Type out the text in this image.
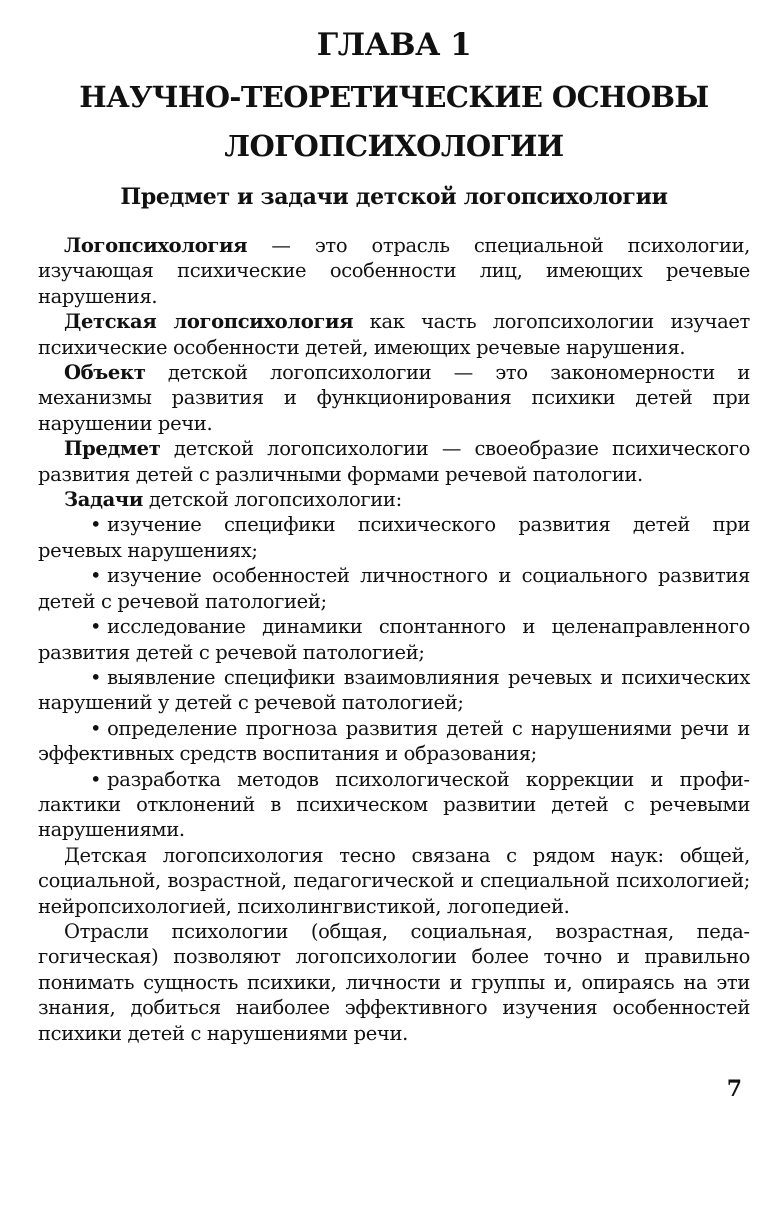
ГЛАВА 1
НАУЧНО-ТЕОРЕТИЧЕСКИЕ ОСНОВЫ
ЛОГОПСИХОЛОГИИ
Предмет и задачи детской логопсихологии

Логопсихология — это отрасль специальной психологии, изучающая психические особенности лиц, имеющих речевые нарушения.

Детская логопсихология как часть логопсихологии изучает психические особенности детей, имеющих речевые нарушения.

Объект детской логопсихологии — это закономерности и механизмы развития и функционирования психики детей при нарушении речи.

Предмет детской логопсихологии — своеобразие психического развития детей с различными формами речевой патологии.

Задачи детской логопсихологии:

• изучение специфики психического развития детей при речевых нарушениях;

• изучение особенностей личностного и социального развития детей с речевой патологией;

• исследование динамики спонтанного и целенаправленного развития детей с речевой патологией;

• выявление специфики взаимовлияния речевых и психических нарушений у детей с речевой патологией;

• определение прогноза развития детей с нарушениями речи и эффективных средств воспитания и образования;

• разработка методов психологической коррекции и профилактики отклонений в психическом развитии детей с речевыми нарушениями.

Детская логопсихология тесно связана с рядом наук: общей, социальной, возрастной, педагогической и специальной психологией; нейропсихологией, психолингвистикой, логопедией.

Отрасли психологии (общая, социальная, возрастная, педагогическая) позволяют логопсихологии более точно и правильно понимать сущность психики, личности и группы и, опираясь на эти знания, добиться наиболее эффективного изучения особенностей психики детей с нарушениями речи.

7
